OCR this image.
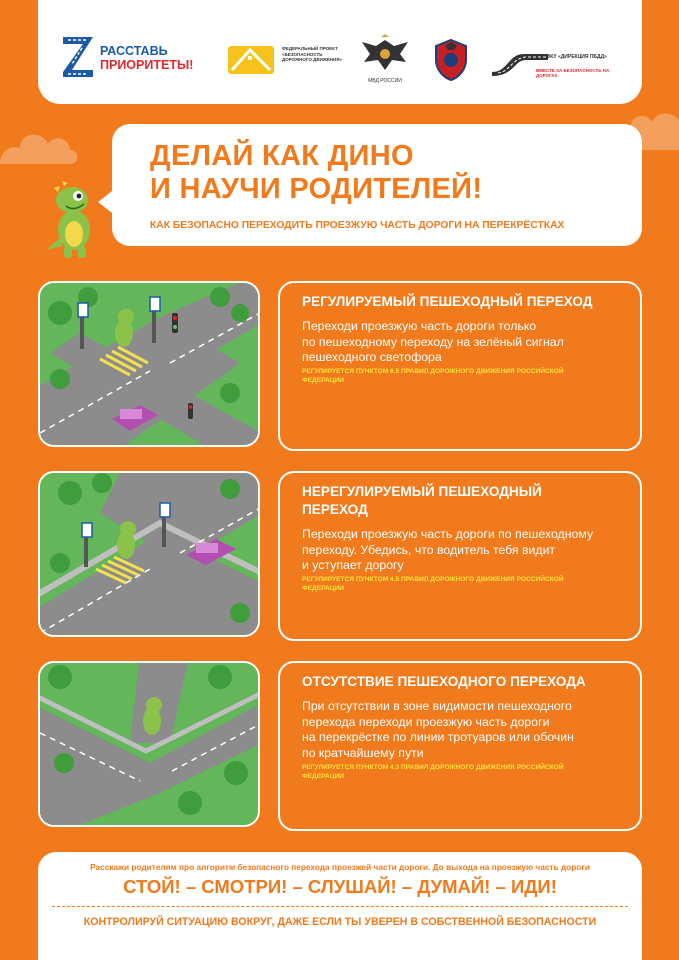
РАССТАВЬ
ПРИОРИТЕТЫ!
ФЕДЕРАЛЬНЫЙ ПРОЕКТ «БЕЗОПАСНОСТЬ ДОРОЖНОГО ДВИЖЕНИЯ»
МВД РОССИИ
ФКУ «ДИРЕКЦИЯ ПБДД»
ВМЕСТЕ ЗА БЕЗОПАСНОСТЬ НА ДОРОГАХ
ДЕЛАЙ КАК ДИНО
И НАУЧИ РОДИТЕЛЕЙ!
КАК БЕЗОПАСНО ПЕРЕХОДИТЬ ПРОЕЗЖУЮ ЧАСТЬ ДОРОГИ НА ПЕРЕКРЁСТКАХ
РЕГУЛИРУЕМЫЙ ПЕШЕХОДНЫЙ ПЕРЕХОД
Переходи проезжую часть дороги только
по пешеходному переходу на зелёный сигнал
пешеходного светофора
РЕГУЛИРУЕТСЯ ПУНКТОМ 6.5 ПРАВИЛ ДОРОЖНОГО ДВИЖЕНИЯ РОССИЙСКОЙ
ФЕДЕРАЦИИ
НЕРЕГУЛИРУЕМЫЙ ПЕШЕХОДНЫЙ
ПЕРЕХОД
Переходи проезжую часть дороги по пешеходному
переходу. Убедись, что водитель тебя видит
и уступает дорогу
РЕГУЛИРУЕТСЯ ПУНКТОМ 4.5 ПРАВИЛ ДОРОЖНОГО ДВИЖЕНИЯ РОССИЙСКОЙ
ФЕДЕРАЦИИ
ОТСУТСТВИЕ ПЕШЕХОДНОГО ПЕРЕХОДА
При отсутствии в зоне видимости пешеходного
перехода переходи проезжую часть дороги
на перекрёстке по линии тротуаров или обочин
по кратчайшему пути
РЕГУЛИРУЕТСЯ ПУНКТОМ 4.3 ПРАВИЛ ДОРОЖНОГО ДВИЖЕНИЯ РОССИЙСКОЙ
ФЕДЕРАЦИИ
Расскажи родителям про алгоритм безопасного перехода проезжей части дороги. До выхода на проезжую часть дороги
СТОЙ! – СМОТРИ! – СЛУШАЙ! – ДУМАЙ! – ИДИ!
КОНТРОЛИРУЙ СИТУАЦИЮ ВОКРУГ, ДАЖЕ ЕСЛИ ТЫ УВЕРЕН В СОБСТВЕННОЙ БЕЗОПАСНОСТИ
